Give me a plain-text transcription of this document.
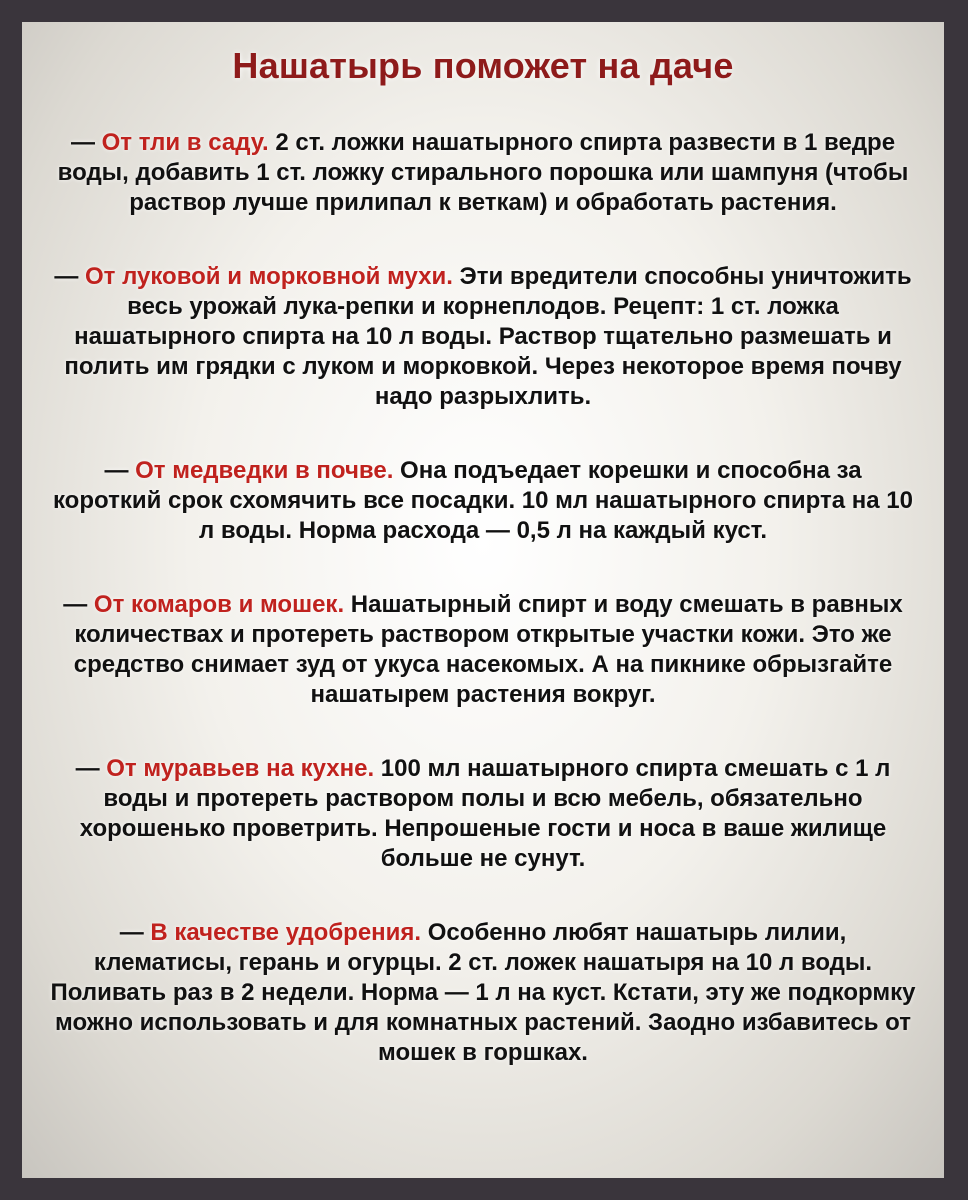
Нашатырь поможет на даче

— От тли в саду. 2 ст. ложки нашатырного спирта развести в 1 ведре воды, добавить 1 ст. ложку стирального порошка или шампуня (чтобы раствор лучше прилипал к веткам) и обработать растения.

— От луковой и морковной мухи. Эти вредители способны уничтожить весь урожай лука-репки и корнеплодов. Рецепт: 1 ст. ложка нашатырного спирта на 10 л воды. Раствор тщательно размешать и полить им грядки с луком и морковкой. Через некоторое время почву надо разрыхлить.

— От медведки в почве. Она подъедает корешки и способна за короткий срок схомячить все посадки. 10 мл нашатырного спирта на 10 л воды. Норма расхода — 0,5 л на каждый куст.

— От комаров и мошек. Нашатырный спирт и воду смешать в равных количествах и протереть раствором открытые участки кожи. Это же средство снимает зуд от укуса насекомых. А на пикнике обрызгайте нашатырем растения вокруг.

— От муравьев на кухне. 100 мл нашатырного спирта смешать с 1 л воды и протереть раствором полы и всю мебель, обязательно хорошенько проветрить. Непрошеные гости и носа в ваше жилище больше не сунут.

— В качестве удобрения. Особенно любят нашатырь лилии, клематисы, герань и огурцы. 2 ст. ложек нашатыря на 10 л воды. Поливать раз в 2 недели. Норма — 1 л на куст. Кстати, эту же подкормку можно использовать и для комнатных растений. Заодно избавитесь от мошек в горшках.
